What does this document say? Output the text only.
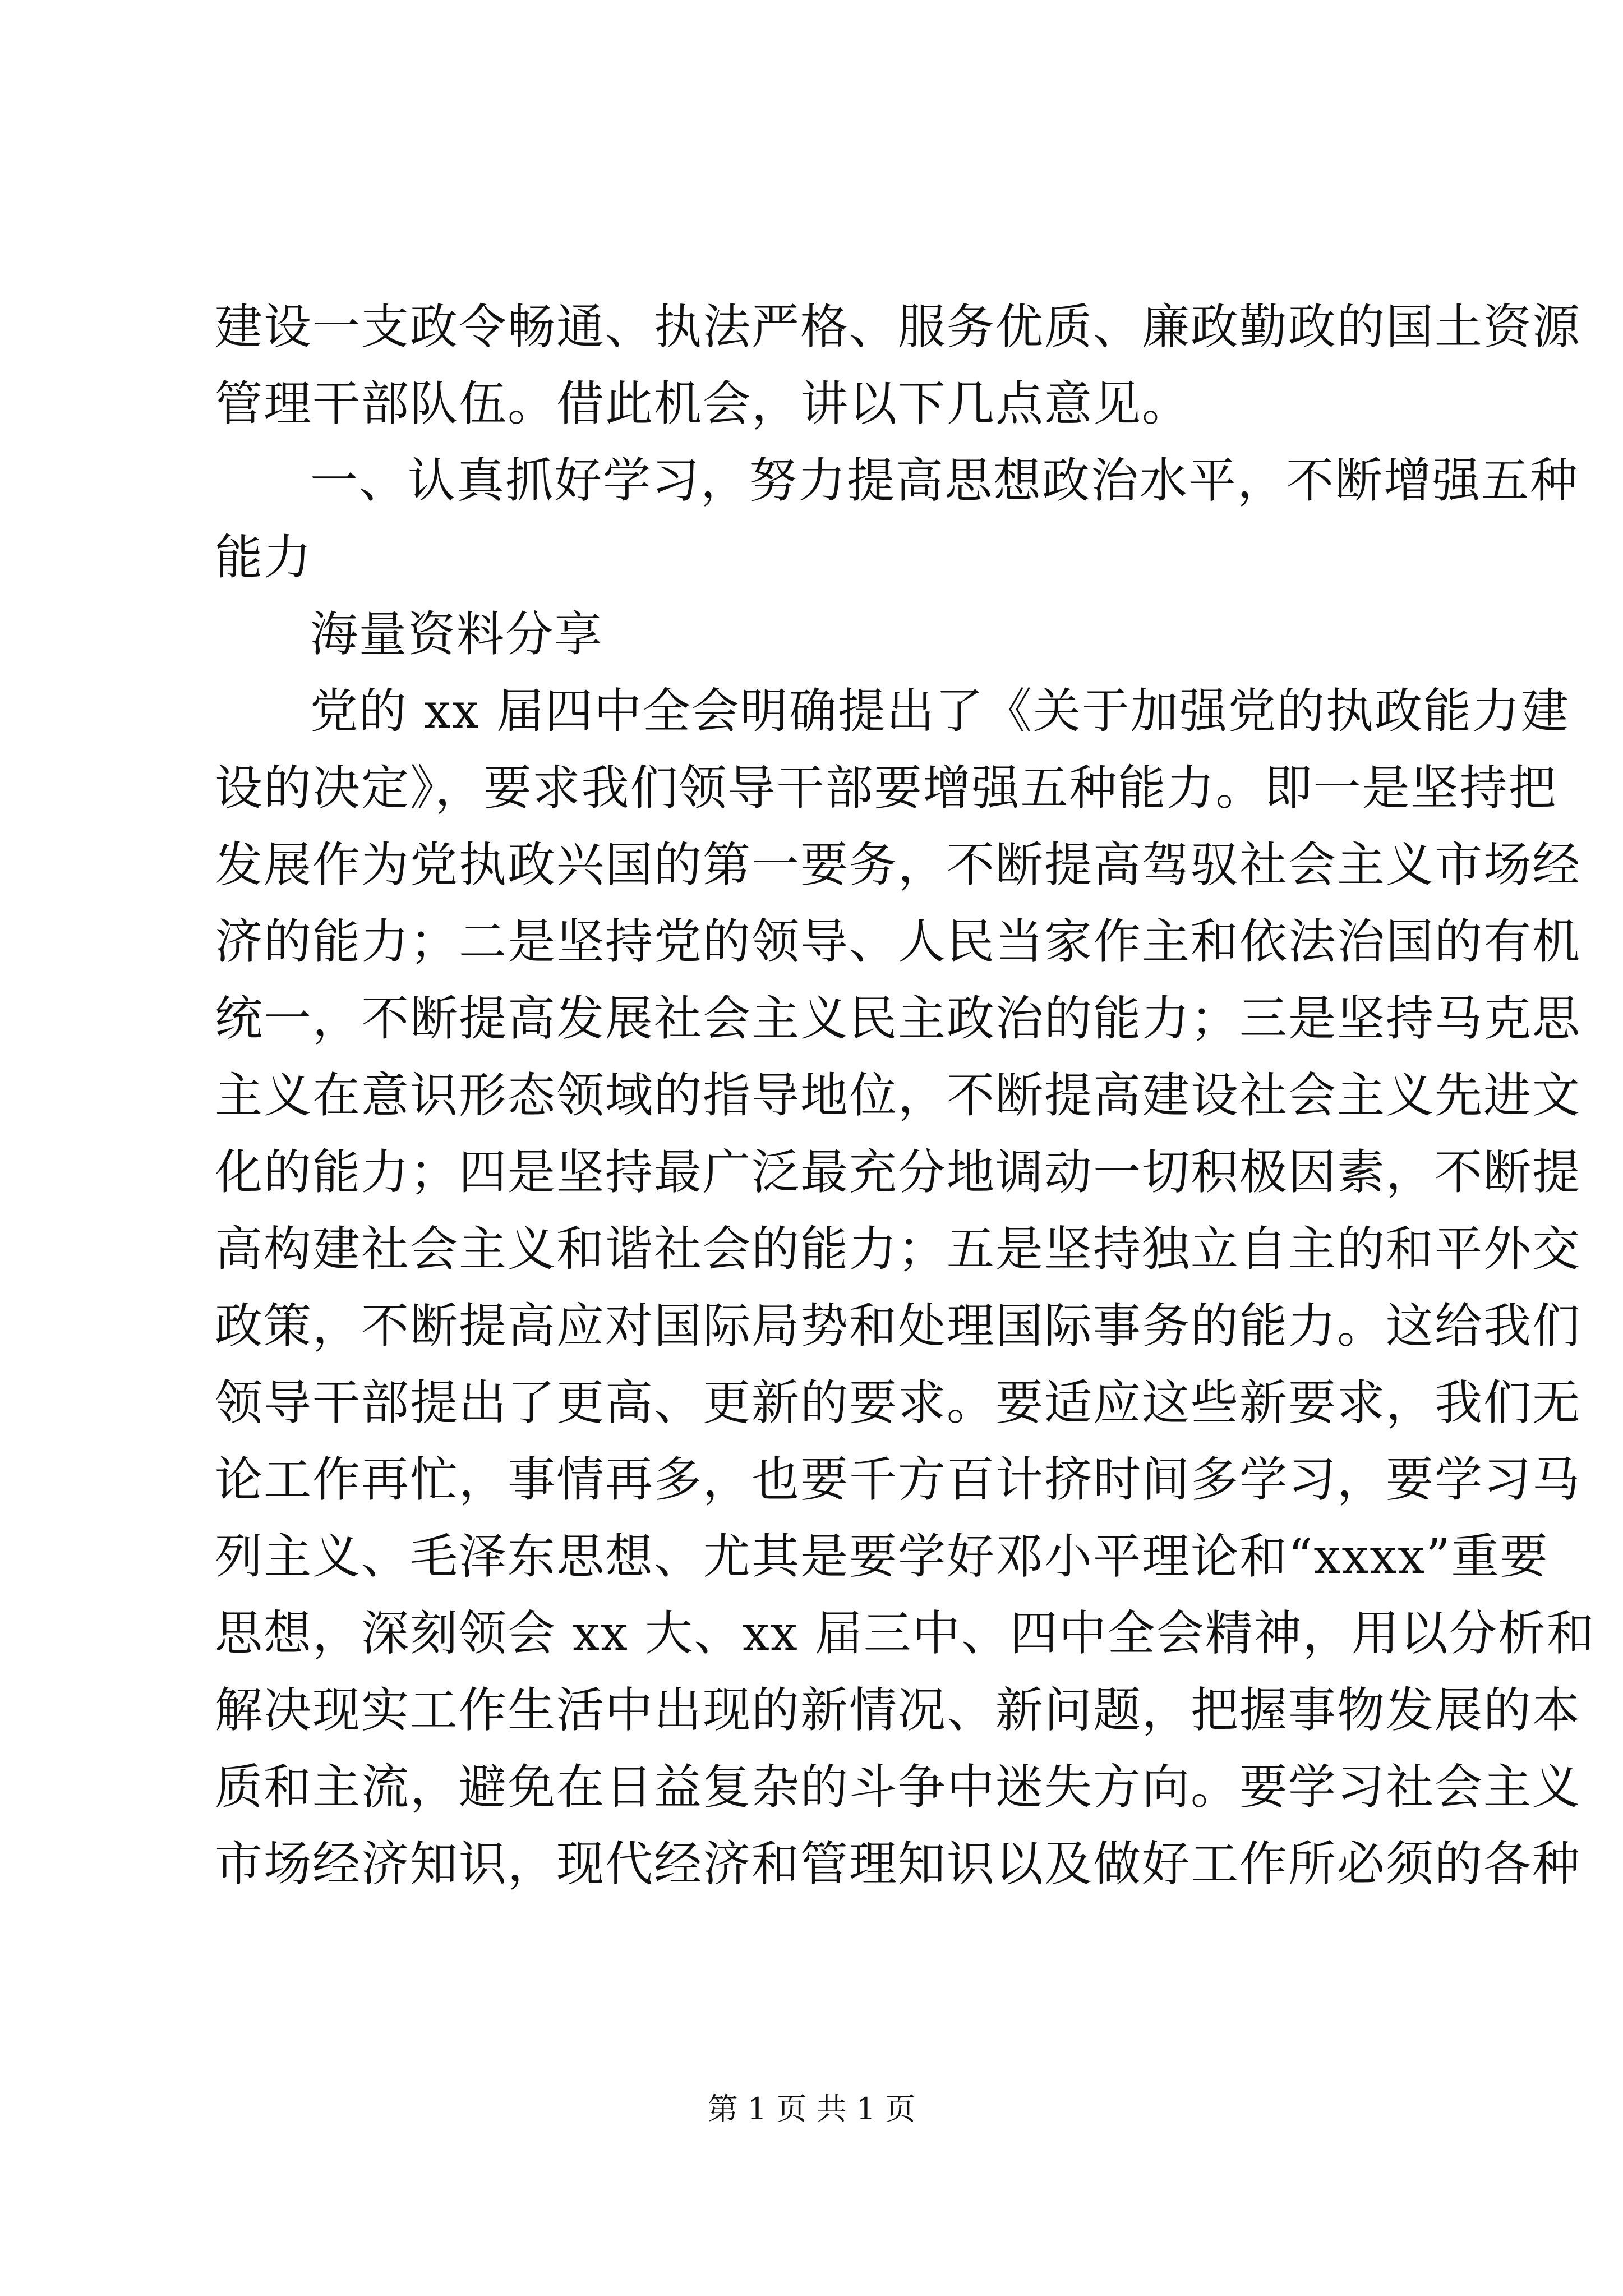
建设一支政令畅通、执法严格、服务优质、廉政勤政的国土资源
管理干部队伍。借此机会，讲以下几点意见。
一、认真抓好学习，努力提高思想政治水平，不断增强五种
能力
海量资料分享
党的 xx 届四中全会明确提出了《关于加强党的执政能力建
设的决定》，要求我们领导干部要增强五种能力。即一是坚持把
发展作为党执政兴国的第一要务，不断提高驾驭社会主义市场经
济的能力；二是坚持党的领导、人民当家作主和依法治国的有机
统一，不断提高发展社会主义民主政治的能力；三是坚持马克思
主义在意识形态领域的指导地位，不断提高建设社会主义先进文
化的能力；四是坚持最广泛最充分地调动一切积极因素，不断提
高构建社会主义和谐社会的能力；五是坚持独立自主的和平外交
政策，不断提高应对国际局势和处理国际事务的能力。这给我们
领导干部提出了更高、更新的要求。要适应这些新要求，我们无
论工作再忙，事情再多，也要千方百计挤时间多学习，要学习马
列主义、毛泽东思想、尤其是要学好邓小平理论和“xxxx”重要
思想，深刻领会 xx 大、xx 届三中、四中全会精神，用以分析和
解决现实工作生活中出现的新情况、新问题，把握事物发展的本
质和主流，避免在日益复杂的斗争中迷失方向。要学习社会主义
市场经济知识，现代经济和管理知识以及做好工作所必须的各种
第 1 页 共 1 页
